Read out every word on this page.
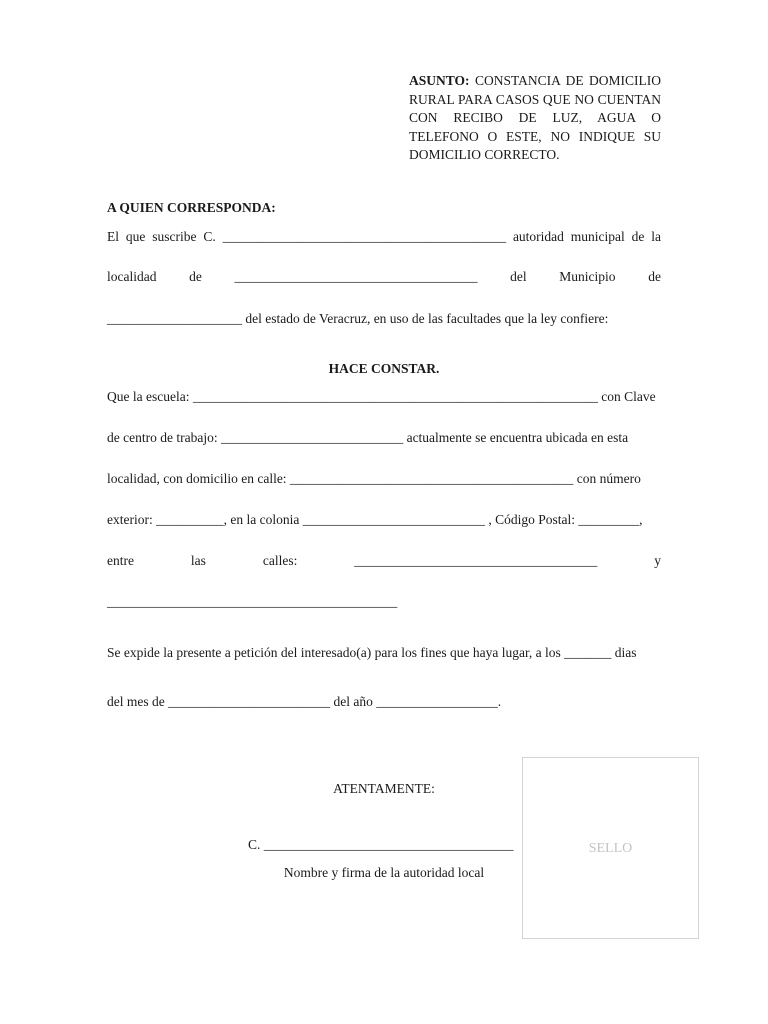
ASUNTO: CONSTANCIA DE DOMICILIO RURAL PARA CASOS QUE NO CUENTAN CON RECIBO DE LUZ, AGUA O TELEFONO O ESTE, NO INDIQUE SU DOMICILIO CORRECTO.
A QUIEN CORRESPONDA:
El que suscribe C. __________________________________________ autoridad municipal de la
localidad de ____________________________________ del Municipio de
____________________ del estado de Veracruz, en uso de las facultades que la ley confiere:
HACE CONSTAR.
Que la escuela: ____________________________________________________________ con Clave
de centro de trabajo: ___________________________ actualmente se encuentra ubicada en esta
localidad, con domicilio en calle: __________________________________________ con número
exterior: __________, en la colonia ___________________________ , Código Postal: _________,
entre	las	calles:	____________________________________	y
___________________________________________
Se expide la presente a petición del interesado(a) para los fines que haya lugar, a los _______ dias
del mes de ________________________ del año __________________.
ATENTAMENTE:
C. _____________________________________
Nombre y firma de la autoridad local
SELLO
